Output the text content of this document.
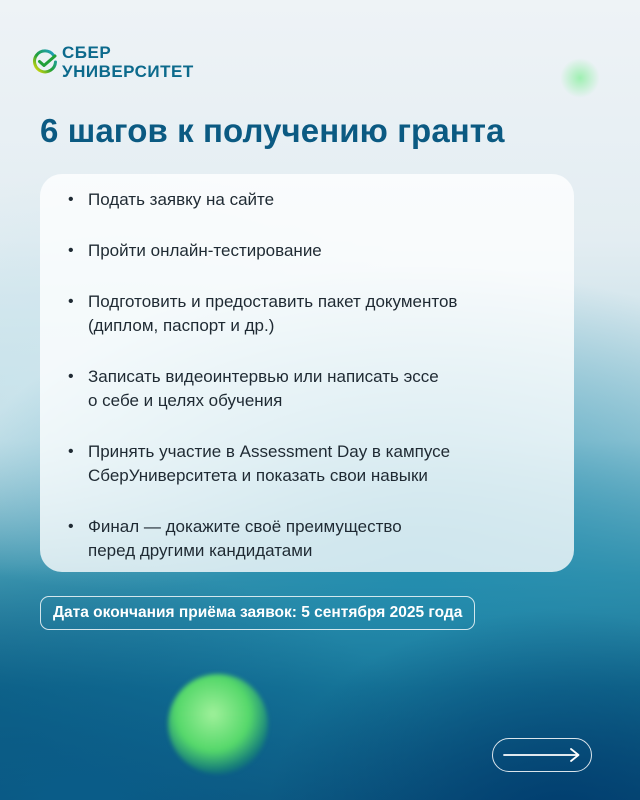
СБЕР
УНИВЕРСИТЕТ
6 шагов к получению гранта
• Подать заявку на сайте
• Пройти онлайн-тестирование
• Подготовить и предоставить пакет документов
(диплом, паспорт и др.)
• Записать видеоинтервью или написать эссе
о себе и целях обучения
• Принять участие в Assessment Day в кампусе
СберУниверситета и показать свои навыки
• Финал — докажите своё преимущество
перед другими кандидатами
Дата окончания приёма заявок: 5 сентября 2025 года
